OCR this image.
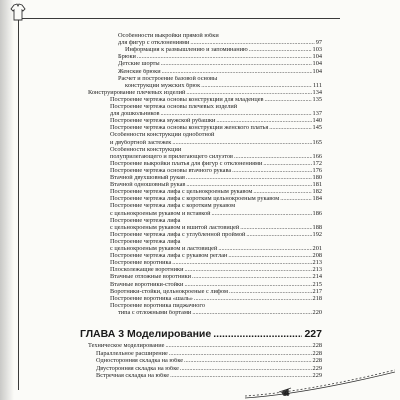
Особенности выкройки прямой юбки
для фигур с отклонениями .....	97
Информация к размышлению и запоминанию .....	103
Брюки .....	104
Детские шорты .....	104
Женские брюки .....	104
Расчет и построение базовой основы
конструкции мужских брюк .....	111
Конструирование плечевых изделий .....	134
Построение чертежа основы конструкции для младенцев .....	135
Построение чертежа основы плечевых изделий
для дошкольников .....	137
Построение чертежа мужской рубашки .....	140
Построение чертежа основы конструкции женского платья .....	145
Особенности конструкции одноботной
и двубортной застежек .....	165
Особенности конструкции
полуприлегающего и прилегающего силуэтов .....	166
Построение выкройки платья для фигур с отклонениями .....	172
Построение чертежа основы втачного рукава .....	176
Втачной двухшовный рукав .....	180
Втачной одношовный рукав .....	181
Построение чертежа лифа с цельнокроеным рукавом .....	182
Построение чертежа лифа с коротким цельнокроеным рукавом .....	184
Построение чертежа лифа с коротким рукавом
с цельнокроеным рукавом и вставкой .....	186
Построение чертежа лифа
с цельнокроеным рукавом и вшитой ластовицей .....	188
Построение чертежа лифа с углубленной проймой .....	192
Построение чертежа лифа
с цельнокроеным рукавом и ластовицей .....	201
Построение чертежа лифа с рукавом реглан .....	208
Построение воротника .....	213
Плосколежащие воротники .....	213
Втачные отложные воротники .....	214
Втачные воротники-стойки .....	215
Воротники-стойки, цельнокроеные с лифом .....	217
Построение воротника «шаль» .....	218
Построение воротника пиджачного
типа с отложными бортами .....	220
ГЛАВА 3 Моделирование .....	227
Техническое моделирование .....	228
Параллельное расширение .....	228
Односторонняя складка на юбке .....	228
Двусторонняя складка на юбке .....	229
Встречная складка на юбке .....	229
4
